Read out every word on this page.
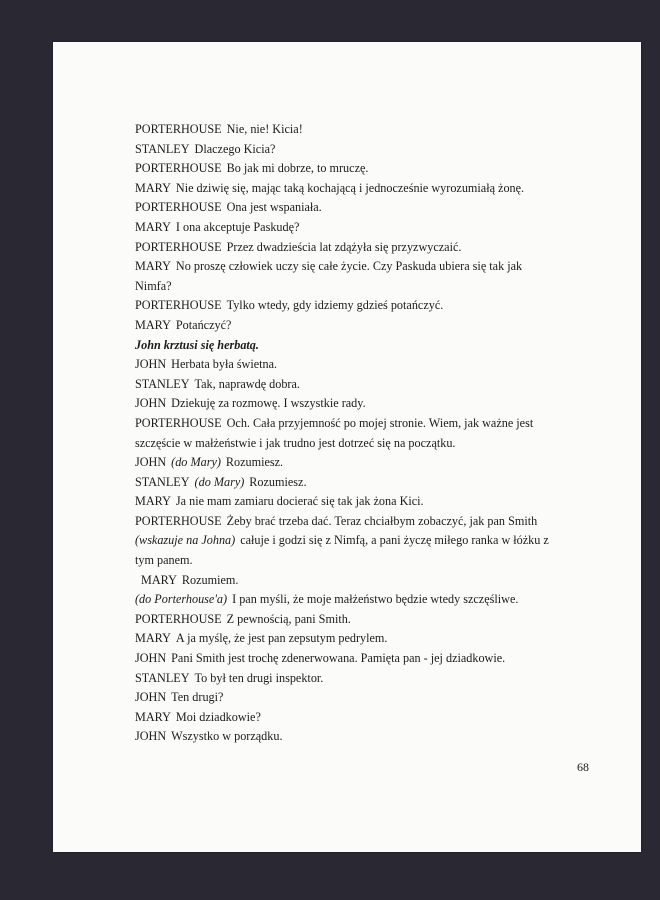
PORTERHOUSE Nie, nie! Kicia!
STANLEY Dlaczego Kicia?
PORTERHOUSE Bo jak mi dobrze, to mruczę.
MARY Nie dziwię się, mając taką kochającą i jednocześnie wyrozumiałą żonę.
PORTERHOUSE Ona jest wspaniała.
MARY I ona akceptuje Paskudę?
PORTERHOUSE Przez dwadzieścia lat zdążyła się przyzwyczaić.
MARY No proszę człowiek uczy się całe życie. Czy Paskuda ubiera się tak jak
Nimfa?
PORTERHOUSE Tylko wtedy, gdy idziemy gdzieś potańczyć.
MARY Potańczyć?
John krztusi się herbatą.
JOHN Herbata była świetna.
STANLEY Tak, naprawdę dobra.
JOHN Dziekuję za rozmowę. I wszystkie rady.
PORTERHOUSE Och. Cała przyjemność po mojej stronie. Wiem, jak ważne jest
szczęście w małżeństwie i jak trudno jest dotrzeć się na początku.
JOHN (do Mary) Rozumiesz.
STANLEY (do Mary) Rozumiesz.
MARY Ja nie mam zamiaru docierać się tak jak żona Kici.
PORTERHOUSE Żeby brać trzeba dać. Teraz chciałbym zobaczyć, jak pan Smith
(wskazuje na Johna) całuje i godzi się z Nimfą, a pani życzę miłego ranka w łóżku z
tym panem.
MARY Rozumiem.
(do Porterhouse'a) I pan myśli, że moje małżeństwo będzie wtedy szczęśliwe.
PORTERHOUSE Z pewnością, pani Smith.
MARY A ja myślę, że jest pan zepsutym pedrylem.
JOHN Pani Smith jest trochę zdenerwowana. Pamięta pan - jej dziadkowie.
STANLEY To był ten drugi inspektor.
JOHN Ten drugi?
MARY Moi dziadkowie?
JOHN Wszystko w porządku.
68
